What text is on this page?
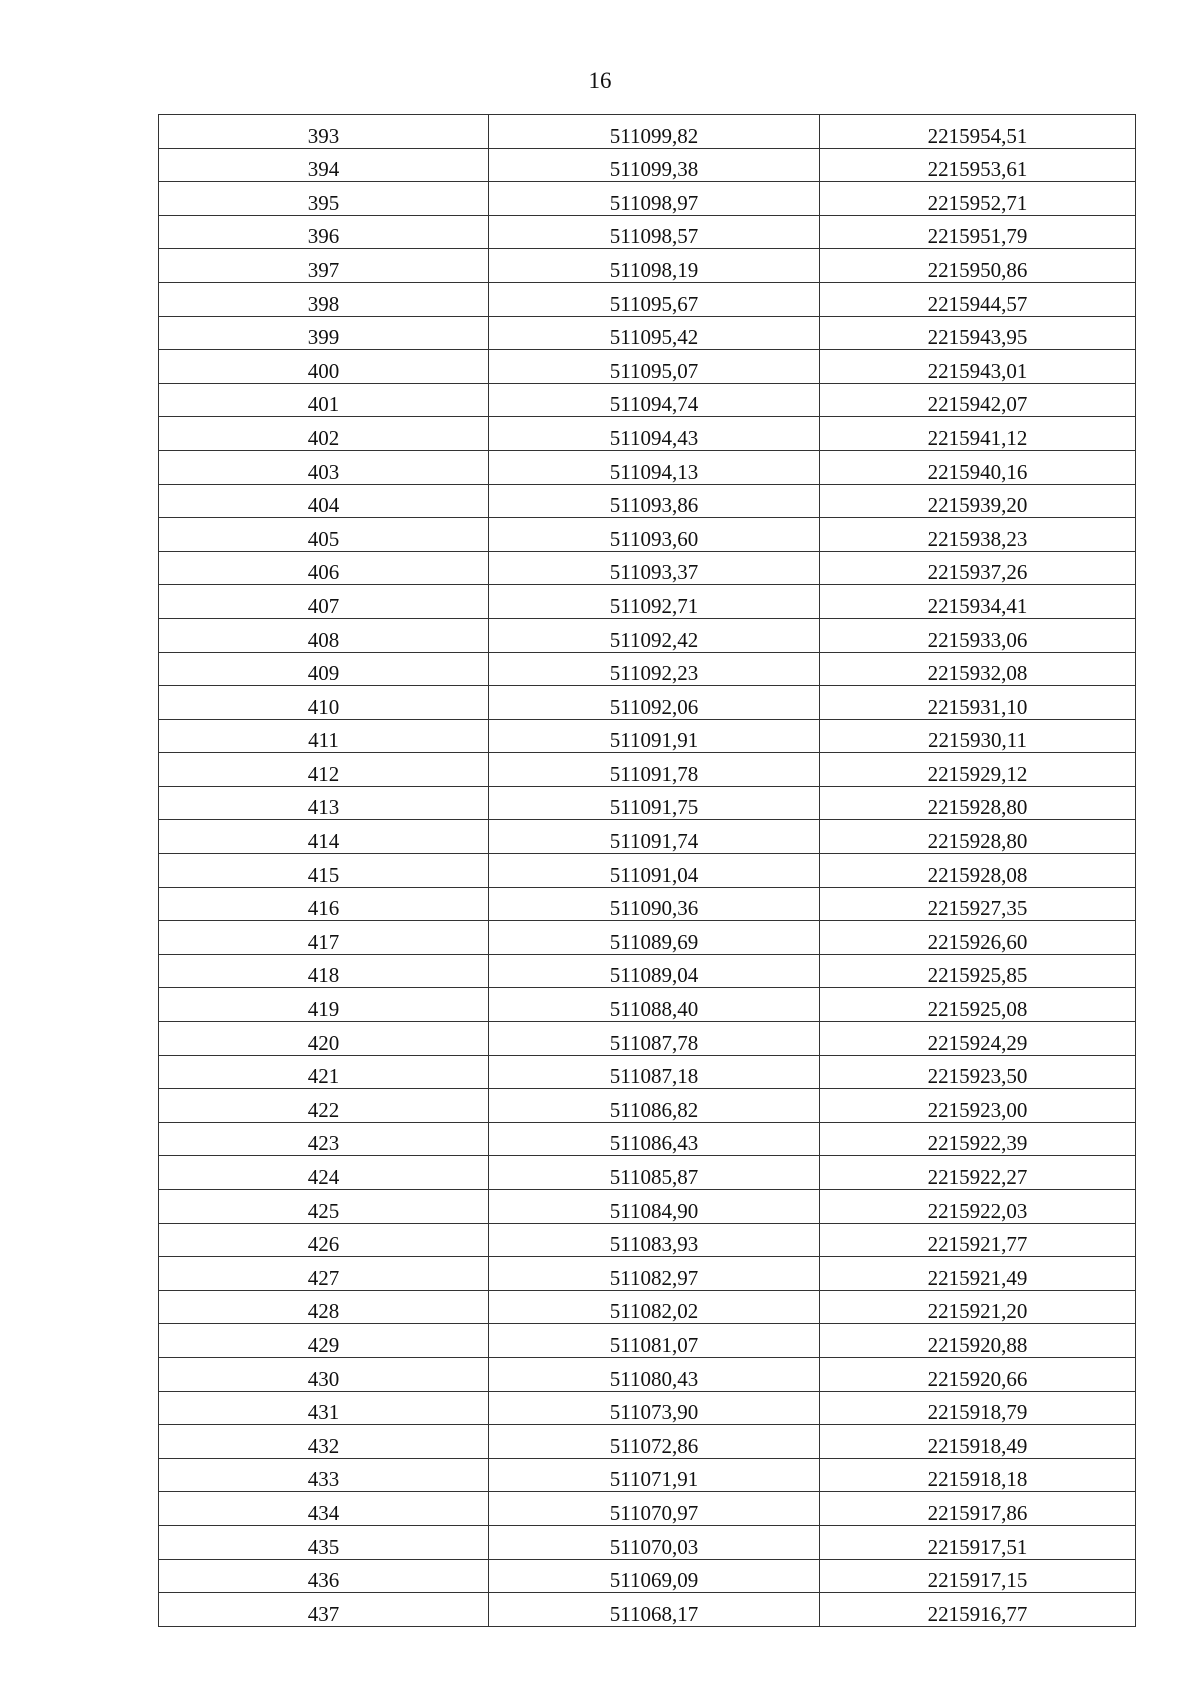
16
393	511099,82	2215954,51
394	511099,38	2215953,61
395	511098,97	2215952,71
396	511098,57	2215951,79
397	511098,19	2215950,86
398	511095,67	2215944,57
399	511095,42	2215943,95
400	511095,07	2215943,01
401	511094,74	2215942,07
402	511094,43	2215941,12
403	511094,13	2215940,16
404	511093,86	2215939,20
405	511093,60	2215938,23
406	511093,37	2215937,26
407	511092,71	2215934,41
408	511092,42	2215933,06
409	511092,23	2215932,08
410	511092,06	2215931,10
411	511091,91	2215930,11
412	511091,78	2215929,12
413	511091,75	2215928,80
414	511091,74	2215928,80
415	511091,04	2215928,08
416	511090,36	2215927,35
417	511089,69	2215926,60
418	511089,04	2215925,85
419	511088,40	2215925,08
420	511087,78	2215924,29
421	511087,18	2215923,50
422	511086,82	2215923,00
423	511086,43	2215922,39
424	511085,87	2215922,27
425	511084,90	2215922,03
426	511083,93	2215921,77
427	511082,97	2215921,49
428	511082,02	2215921,20
429	511081,07	2215920,88
430	511080,43	2215920,66
431	511073,90	2215918,79
432	511072,86	2215918,49
433	511071,91	2215918,18
434	511070,97	2215917,86
435	511070,03	2215917,51
436	511069,09	2215917,15
437	511068,17	2215916,77
